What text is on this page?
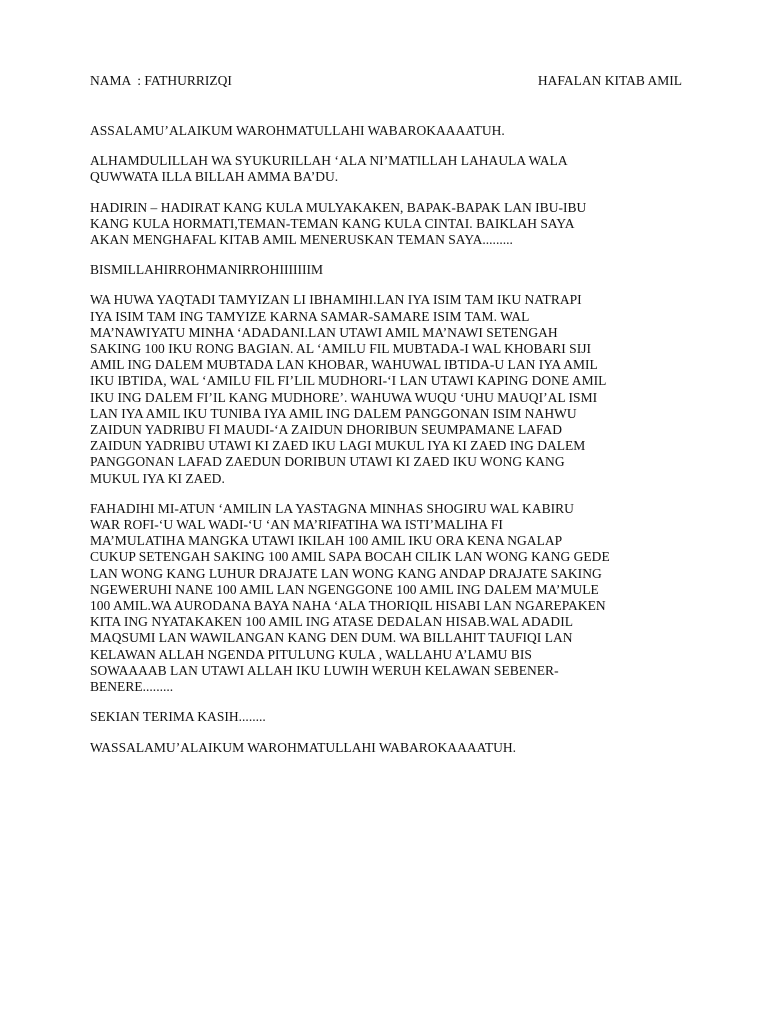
NAMA  : FATHURRIZQI	HAFALAN KITAB AMIL

ASSALAMU’ALAIKUM WAROHMATULLAHI WABAROKAAAATUH.

ALHAMDULILLAH WA SYUKURILLAH ‘ALA NI’MATILLAH LAHAULA WALA
QUWWATA ILLA BILLAH AMMA BA’DU.

HADIRIN – HADIRAT KANG KULA MULYAKAKEN, BAPAK-BAPAK LAN IBU-IBU
KANG KULA HORMATI,TEMAN-TEMAN KANG KULA CINTAI. BAIKLAH SAYA
AKAN MENGHAFAL KITAB AMIL MENERUSKAN TEMAN SAYA.........

BISMILLAHIRROHMANIRROHIIIIIIIM

WA HUWA YAQTADI TAMYIZAN LI IBHAMIHI.LAN IYA ISIM TAM IKU NATRAPI
IYA ISIM TAM ING TAMYIZE KARNA SAMAR-SAMARE ISIM TAM. WAL
MA’NAWIYATU MINHA ‘ADADANI.LAN UTAWI AMIL MA’NAWI SETENGAH
SAKING 100 IKU RONG BAGIAN. AL ‘AMILU FIL MUBTADA-I WAL KHOBARI SIJI
AMIL ING DALEM MUBTADA LAN KHOBAR, WAHUWAL IBTIDA-U LAN IYA AMIL
IKU IBTIDA, WAL ‘AMILU FIL FI’LIL MUDHORI-‘I LAN UTAWI KAPING DONE AMIL
IKU ING DALEM FI’IL KANG MUDHORE’. WAHUWA WUQU ‘UHU MAUQI’AL ISMI
LAN IYA AMIL IKU TUNIBA IYA AMIL ING DALEM PANGGONAN ISIM NAHWU
ZAIDUN YADRIBU FI MAUDI-‘A ZAIDUN DHORIBUN SEUMPAMANE LAFAD
ZAIDUN YADRIBU UTAWI KI ZAED IKU LAGI MUKUL IYA KI ZAED ING DALEM
PANGGONAN LAFAD ZAEDUN DORIBUN UTAWI KI ZAED IKU WONG KANG
MUKUL IYA KI ZAED.

FAHADIHI MI-ATUN ‘AMILIN LA YASTAGNA MINHAS SHOGIRU WAL KABIRU
WAR ROFI-‘U WAL WADI-‘U ‘AN MA’RIFATIHA WA ISTI’MALIHA FI
MA’MULATIHA MANGKA UTAWI IKILAH 100 AMIL IKU ORA KENA NGALAP
CUKUP SETENGAH SAKING 100 AMIL SAPA BOCAH CILIK LAN WONG KANG GEDE
LAN WONG KANG LUHUR DRAJATE LAN WONG KANG ANDAP DRAJATE SAKING
NGEWERUHI NANE 100 AMIL LAN NGENGGONE 100 AMIL ING DALEM MA’MULE
100 AMIL.WA AURODANA BAYA NAHA ‘ALA THORIQIL HISABI LAN NGAREPAKEN
KITA ING NYATAKAKEN 100 AMIL ING ATASE DEDALAN HISAB.WAL ADADIL
MAQSUMI LAN WAWILANGAN KANG DEN DUM. WA BILLAHIT TAUFIQI LAN
KELAWAN ALLAH NGENDA PITULUNG KULA , WALLAHU A’LAMU BIS
SOWAAAAB LAN UTAWI ALLAH IKU LUWIH WERUH KELAWAN SEBENER-
BENERE.........

SEKIAN TERIMA KASIH........

WASSALAMU’ALAIKUM WAROHMATULLAHI WABAROKAAAATUH.
